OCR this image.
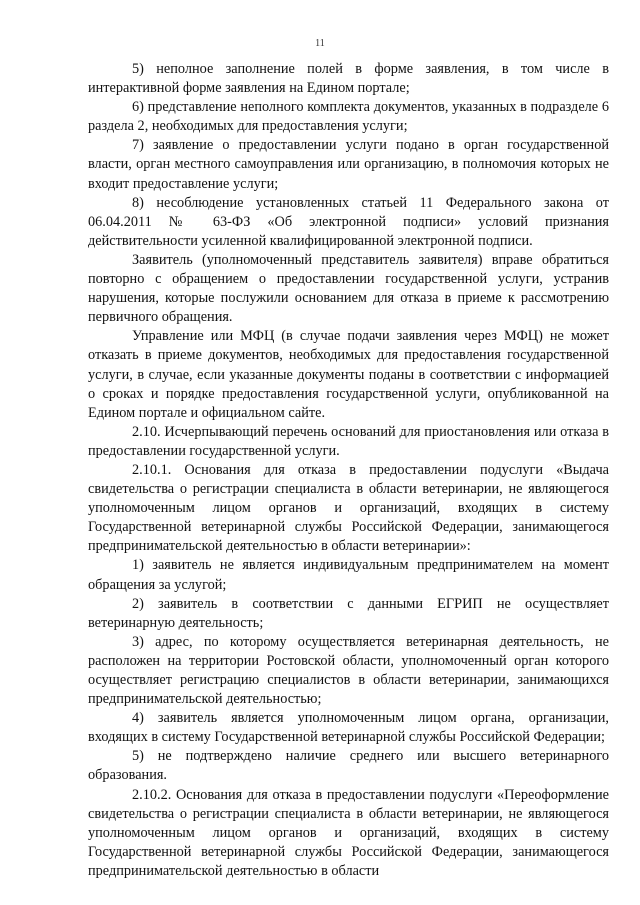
11

5) неполное заполнение полей в форме заявления, в том числе в интерактивной форме заявления на Едином портале;

6) представление неполного комплекта документов, указанных в подразделе 6 раздела 2, необходимых для предоставления услуги;

7) заявление о предоставлении услуги подано в орган государственной власти, орган местного самоуправления или организацию, в полномочия которых не входит предоставление услуги;

8) несоблюдение установленных статьей 11 Федерального закона от 06.04.2011 № 63-ФЗ «Об электронной подписи» условий признания действительности усиленной квалифицированной электронной подписи.

Заявитель (уполномоченный представитель заявителя) вправе обратиться повторно с обращением о предоставлении государственной услуги, устранив нарушения, которые послужили основанием для отказа в приеме к рассмотрению первичного обращения.

Управление или МФЦ (в случае подачи заявления через МФЦ) не может отказать в приеме документов, необходимых для предоставления государственной услуги, в случае, если указанные документы поданы в соответствии с информацией о сроках и порядке предоставления государственной услуги, опубликованной на Едином портале и официальном сайте.

2.10. Исчерпывающий перечень оснований для приостановления или отказа в предоставлении государственной услуги.

2.10.1. Основания для отказа в предоставлении подуслуги «Выдача свидетельства о регистрации специалиста в области ветеринарии, не являющегося уполномоченным лицом органов и организаций, входящих в систему Государственной ветеринарной службы Российской Федерации, занимающегося предпринимательской деятельностью в области ветеринарии»:

1) заявитель не является индивидуальным предпринимателем на момент обращения за услугой;

2) заявитель в соответствии с данными ЕГРИП не осуществляет ветеринарную деятельность;

3) адрес, по которому осуществляется ветеринарная деятельность, не расположен на территории Ростовской области, уполномоченный орган которого осуществляет регистрацию специалистов в области ветеринарии, занимающихся предпринимательской деятельностью;

4) заявитель является уполномоченным лицом органа, организации, входящих в систему Государственной ветеринарной службы Российской Федерации;

5) не подтверждено наличие среднего или высшего ветеринарного образования.

2.10.2. Основания для отказа в предоставлении подуслуги «Переоформление свидетельства о регистрации специалиста в области ветеринарии, не являющегося уполномоченным лицом органов и организаций, входящих в систему Государственной ветеринарной службы Российской Федерации, занимающегося предпринимательской деятельностью в области
